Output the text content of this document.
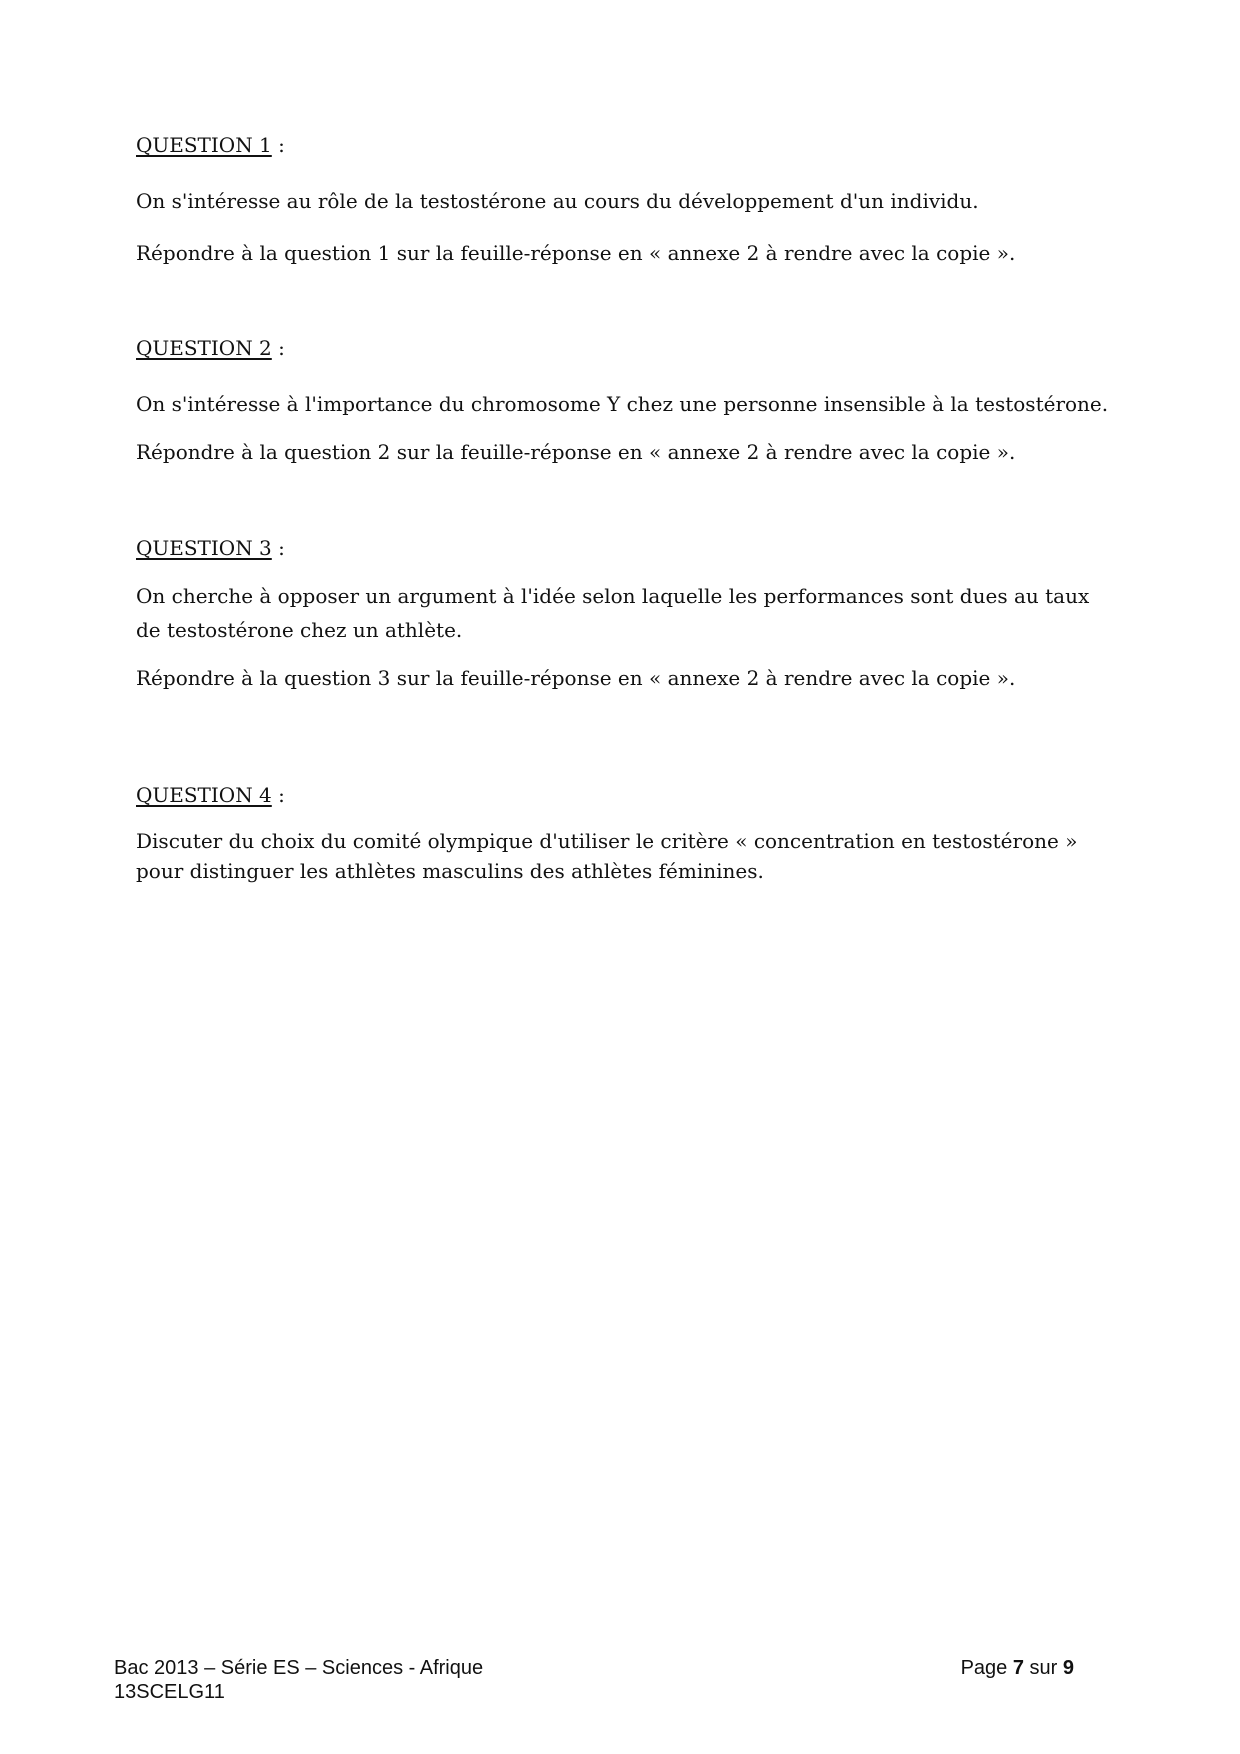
QUESTION 1 :

On s'intéresse au rôle de la testostérone au cours du développement d'un individu.

Répondre à la question 1 sur la feuille-réponse en « annexe 2 à rendre avec la copie ».

QUESTION 2 :

On s'intéresse à l'importance du chromosome Y chez une personne insensible à la testostérone.

Répondre à la question 2 sur la feuille-réponse en « annexe 2 à rendre avec la copie ».

QUESTION 3 :

On cherche à opposer un argument à l'idée selon laquelle les performances sont dues au taux de testostérone chez un athlète.

Répondre à la question 3 sur la feuille-réponse en « annexe 2 à rendre avec la copie ».

QUESTION 4 :

Discuter du choix du comité olympique d'utiliser le critère « concentration en testostérone » pour distinguer les athlètes masculins des athlètes féminines.

Bac 2013 – Série ES – Sciences - Afrique	Page 7 sur 9
13SCELG11
